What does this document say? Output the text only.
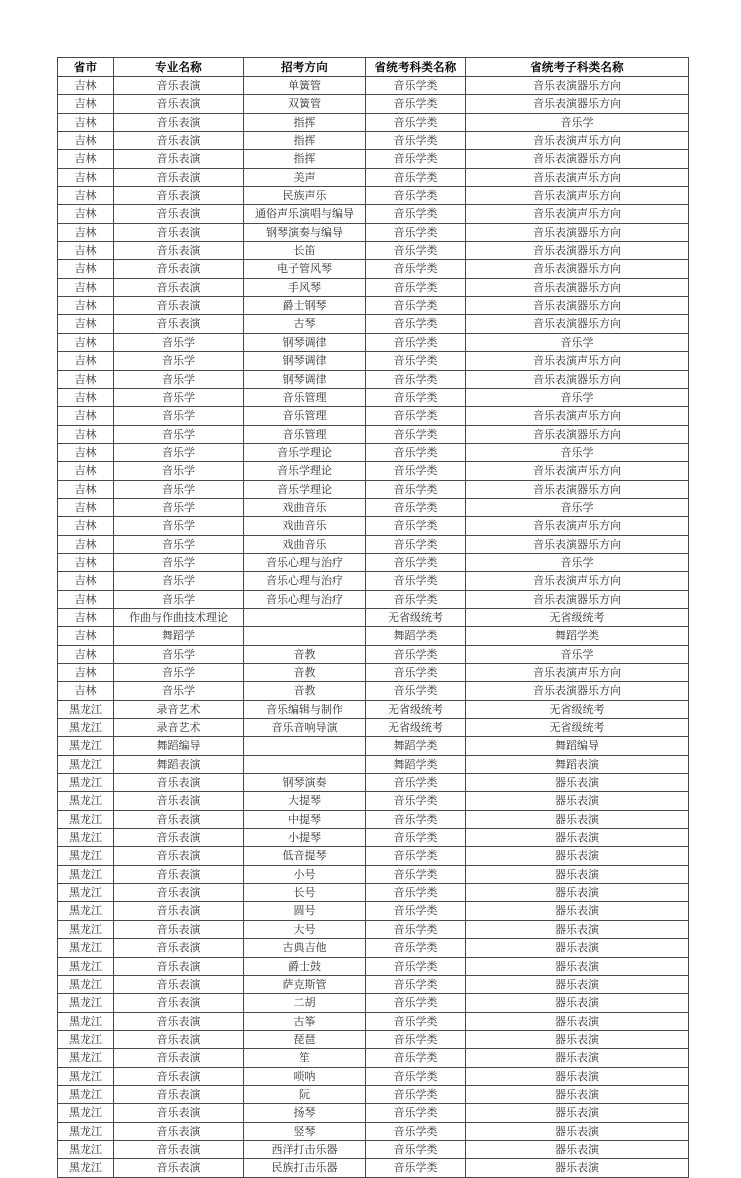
省市	专业名称	招考方向	省统考科类名称	省统考子科类名称
吉林	音乐表演	单簧管	音乐学类	音乐表演器乐方向
吉林	音乐表演	双簧管	音乐学类	音乐表演器乐方向
吉林	音乐表演	指挥	音乐学类	音乐学
吉林	音乐表演	指挥	音乐学类	音乐表演声乐方向
吉林	音乐表演	指挥	音乐学类	音乐表演器乐方向
吉林	音乐表演	美声	音乐学类	音乐表演声乐方向
吉林	音乐表演	民族声乐	音乐学类	音乐表演声乐方向
吉林	音乐表演	通俗声乐演唱与编导	音乐学类	音乐表演声乐方向
吉林	音乐表演	钢琴演奏与编导	音乐学类	音乐表演器乐方向
吉林	音乐表演	长笛	音乐学类	音乐表演器乐方向
吉林	音乐表演	电子管风琴	音乐学类	音乐表演器乐方向
吉林	音乐表演	手风琴	音乐学类	音乐表演器乐方向
吉林	音乐表演	爵士钢琴	音乐学类	音乐表演器乐方向
吉林	音乐表演	古琴	音乐学类	音乐表演器乐方向
吉林	音乐学	钢琴调律	音乐学类	音乐学
吉林	音乐学	钢琴调律	音乐学类	音乐表演声乐方向
吉林	音乐学	钢琴调律	音乐学类	音乐表演器乐方向
吉林	音乐学	音乐管理	音乐学类	音乐学
吉林	音乐学	音乐管理	音乐学类	音乐表演声乐方向
吉林	音乐学	音乐管理	音乐学类	音乐表演器乐方向
吉林	音乐学	音乐学理论	音乐学类	音乐学
吉林	音乐学	音乐学理论	音乐学类	音乐表演声乐方向
吉林	音乐学	音乐学理论	音乐学类	音乐表演器乐方向
吉林	音乐学	戏曲音乐	音乐学类	音乐学
吉林	音乐学	戏曲音乐	音乐学类	音乐表演声乐方向
吉林	音乐学	戏曲音乐	音乐学类	音乐表演器乐方向
吉林	音乐学	音乐心理与治疗	音乐学类	音乐学
吉林	音乐学	音乐心理与治疗	音乐学类	音乐表演声乐方向
吉林	音乐学	音乐心理与治疗	音乐学类	音乐表演器乐方向
吉林	作曲与作曲技术理论		无省级统考	无省级统考
吉林	舞蹈学		舞蹈学类	舞蹈学类
吉林	音乐学	音教	音乐学类	音乐学
吉林	音乐学	音教	音乐学类	音乐表演声乐方向
吉林	音乐学	音教	音乐学类	音乐表演器乐方向
黑龙江	录音艺术	音乐编辑与制作	无省级统考	无省级统考
黑龙江	录音艺术	音乐音响导演	无省级统考	无省级统考
黑龙江	舞蹈编导		舞蹈学类	舞蹈编导
黑龙江	舞蹈表演		舞蹈学类	舞蹈表演
黑龙江	音乐表演	钢琴演奏	音乐学类	器乐表演
黑龙江	音乐表演	大提琴	音乐学类	器乐表演
黑龙江	音乐表演	中提琴	音乐学类	器乐表演
黑龙江	音乐表演	小提琴	音乐学类	器乐表演
黑龙江	音乐表演	低音提琴	音乐学类	器乐表演
黑龙江	音乐表演	小号	音乐学类	器乐表演
黑龙江	音乐表演	长号	音乐学类	器乐表演
黑龙江	音乐表演	圆号	音乐学类	器乐表演
黑龙江	音乐表演	大号	音乐学类	器乐表演
黑龙江	音乐表演	古典吉他	音乐学类	器乐表演
黑龙江	音乐表演	爵士鼓	音乐学类	器乐表演
黑龙江	音乐表演	萨克斯管	音乐学类	器乐表演
黑龙江	音乐表演	二胡	音乐学类	器乐表演
黑龙江	音乐表演	古筝	音乐学类	器乐表演
黑龙江	音乐表演	琵琶	音乐学类	器乐表演
黑龙江	音乐表演	笙	音乐学类	器乐表演
黑龙江	音乐表演	唢呐	音乐学类	器乐表演
黑龙江	音乐表演	阮	音乐学类	器乐表演
黑龙江	音乐表演	扬琴	音乐学类	器乐表演
黑龙江	音乐表演	竖琴	音乐学类	器乐表演
黑龙江	音乐表演	西洋打击乐器	音乐学类	器乐表演
黑龙江	音乐表演	民族打击乐器	音乐学类	器乐表演
